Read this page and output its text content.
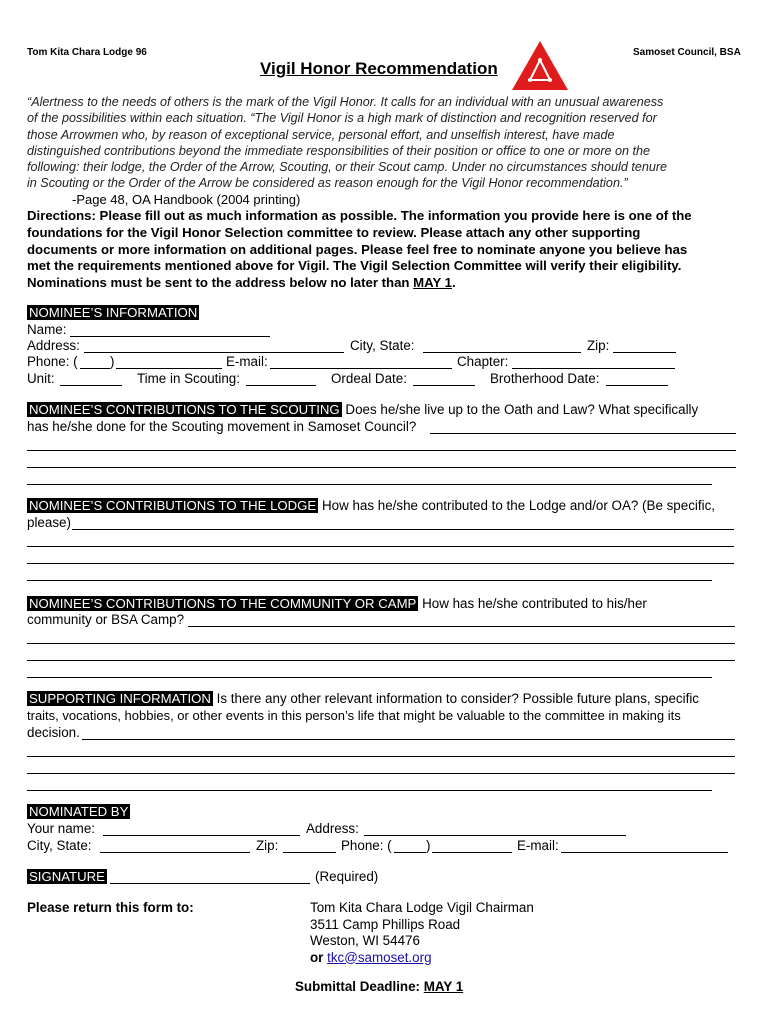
Tom Kita Chara Lodge 96	Samoset Council, BSA
Vigil Honor Recommendation
“Alertness to the needs of others is the mark of the Vigil Honor. It calls for an individual with an unusual awareness
of the possibilities within each situation. “The Vigil Honor is a high mark of distinction and recognition reserved for
those Arrowmen who, by reason of exceptional service, personal effort, and unselfish interest, have made
distinguished contributions beyond the immediate responsibilities of their position or office to one or more on the
following: their lodge, the Order of the Arrow, Scouting, or their Scout camp. Under no circumstances should tenure
in Scouting or the Order of the Arrow be considered as reason enough for the Vigil Honor recommendation.”
-Page 48, OA Handbook (2004 printing)
Directions: Please fill out as much information as possible. The information you provide here is one of the
foundations for the Vigil Honor Selection committee to review. Please attach any other supporting
documents or more information on additional pages. Please feel free to nominate anyone you believe has
met the requirements mentioned above for Vigil. The Vigil Selection Committee will verify their eligibility.
Nominations must be sent to the address below no later than MAY 1.
NOMINEE’S INFORMATION
Name:
Address:	City, State:	Zip:
Phone: ( )	E-mail:	Chapter:
Unit:	Time in Scouting:	Ordeal Date:	Brotherhood Date:
NOMINEE’S CONTRIBUTIONS TO THE SCOUTING Does he/she live up to the Oath and Law? What specifically
has he/she done for the Scouting movement in Samoset Council?
NOMINEE’S CONTRIBUTIONS TO THE LODGE How has he/she contributed to the Lodge and/or OA? (Be specific,
please)
NOMINEE’S CONTRIBUTIONS TO THE COMMUNITY OR CAMP How has he/she contributed to his/her
community or BSA Camp?
SUPPORTING INFORMATION Is there any other relevant information to consider? Possible future plans, specific
traits, vocations, hobbies, or other events in this person’s life that might be valuable to the committee in making its
decision.
NOMINATED BY
Your name:	Address:
City, State:	Zip:	Phone: (	)	E-mail:
SIGNATURE	(Required)
Please return this form to:	Tom Kita Chara Lodge Vigil Chairman
3511 Camp Phillips Road
Weston, WI 54476
or tkc@samoset.org
Submittal Deadline: MAY 1
